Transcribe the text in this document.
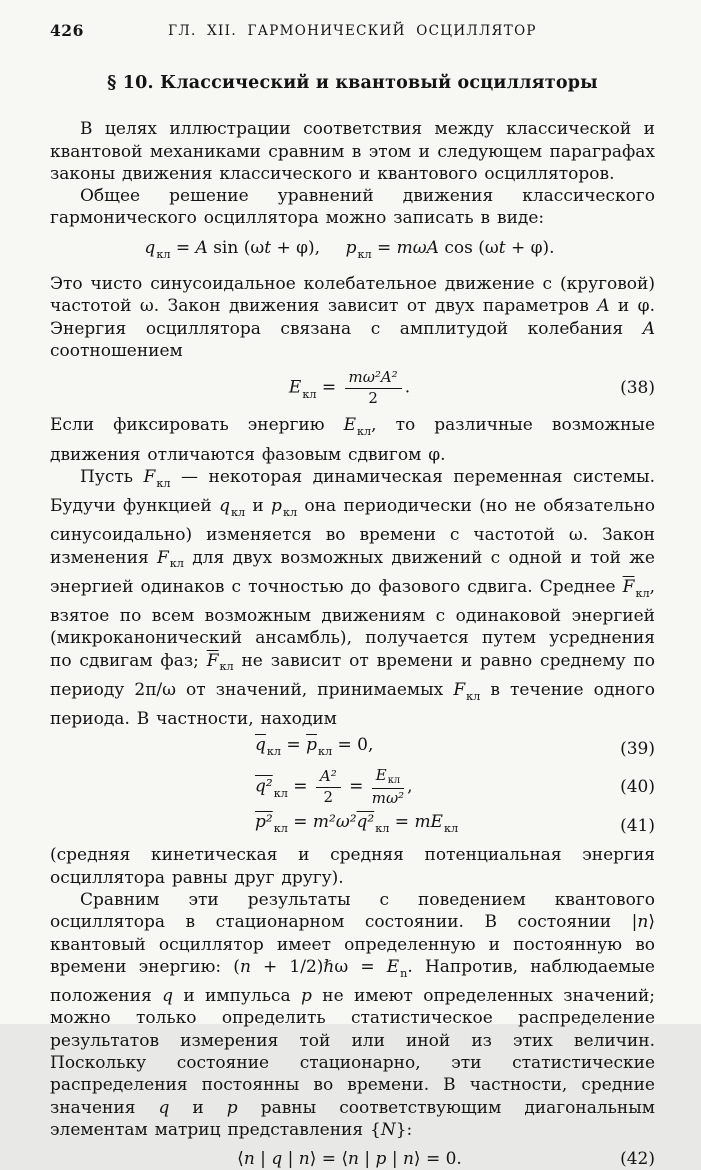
426	ГЛ. XII. ГАРМОНИЧЕСКИЙ ОСЦИЛЛЯТОР
§ 10. Классический и квантовый осцилляторы

В целях иллюстрации соответствия между классической и квантовой механиками сравним в этом и следующем параграфах законы движения классического и квантового осцилляторов.

Общее решение уравнений движения классического гармонического осциллятора можно записать в виде:

$q_{кл} = A$ sin (ωt + φ),   $p_{кл} = m\omega A$ cos (ωt + φ).

Это чисто синусоидальное колебательное движение с (круговой) частотой ω. Закон движения зависит от двух параметров A и φ. Энергия осциллятора связана с амплитудой колебания A соотношением

$E_{кл} = \frac{\text{mω²A²}}{2}$ .	(38)

Если фиксировать энергию $E_{кл}$, то различные возможные движения отличаются фазовым сдвигом φ.

Пусть $F_{кл}$ — некоторая динамическая переменная системы. Будучи функцией $q_{кл}$ и $p_{кл}$ она периодически (но не обязательно синусоидально) изменяется во времени с частотой ω. Закон изменения $F_{кл}$ для двух возможных движений с одной и той же энергией одинаков с точностью до фазового сдвига. Среднее $\overline{F}_{кл}$, взятое по всем возможным движениям с одинаковой энергией (микроканонический ансамбль), получается путем усреднения по сдвигам фаз; $\overline{F}_{кл}$ не зависит от времени и равно среднему по периоду 2π/ω от значений, принимаемых $F_{кл}$ в течение одного периода. В частности, находим

$\overline{q}_{кл} = \overline{p}_{кл} = 0$,	(39)
$q^2_{кл} = \frac{\text{A²}}{2} = \frac{\text{Eкл}}{\text{mω²}}$ ,	(40)
$p^2_{кл} = m^2\omega^2q^2_{кл} = mE_{кл}$	(41)

(средняя кинетическая и средняя потенциальная энергия осциллятора равны друг другу).

Сравним эти результаты с поведением квантового осциллятора в стационарном состоянии. В состоянии |n⟩ квантовый осциллятор имеет определенную и постоянную во времени энергию: (n + 1/2)ℏω = $E_n$. Напротив, наблюдаемые положения q и импульса p не имеют определенных значений; можно только определить статистическое распределение результатов измерения той или иной из этих величин. Поскольку состояние стационарно, эти статистические распределения постоянны во времени. В частности, средние значения q и p равны соответствующим диагональным элементам матриц представления {N}:

⟨n | q | n⟩ = ⟨n | p | n⟩ = 0.	(42)
